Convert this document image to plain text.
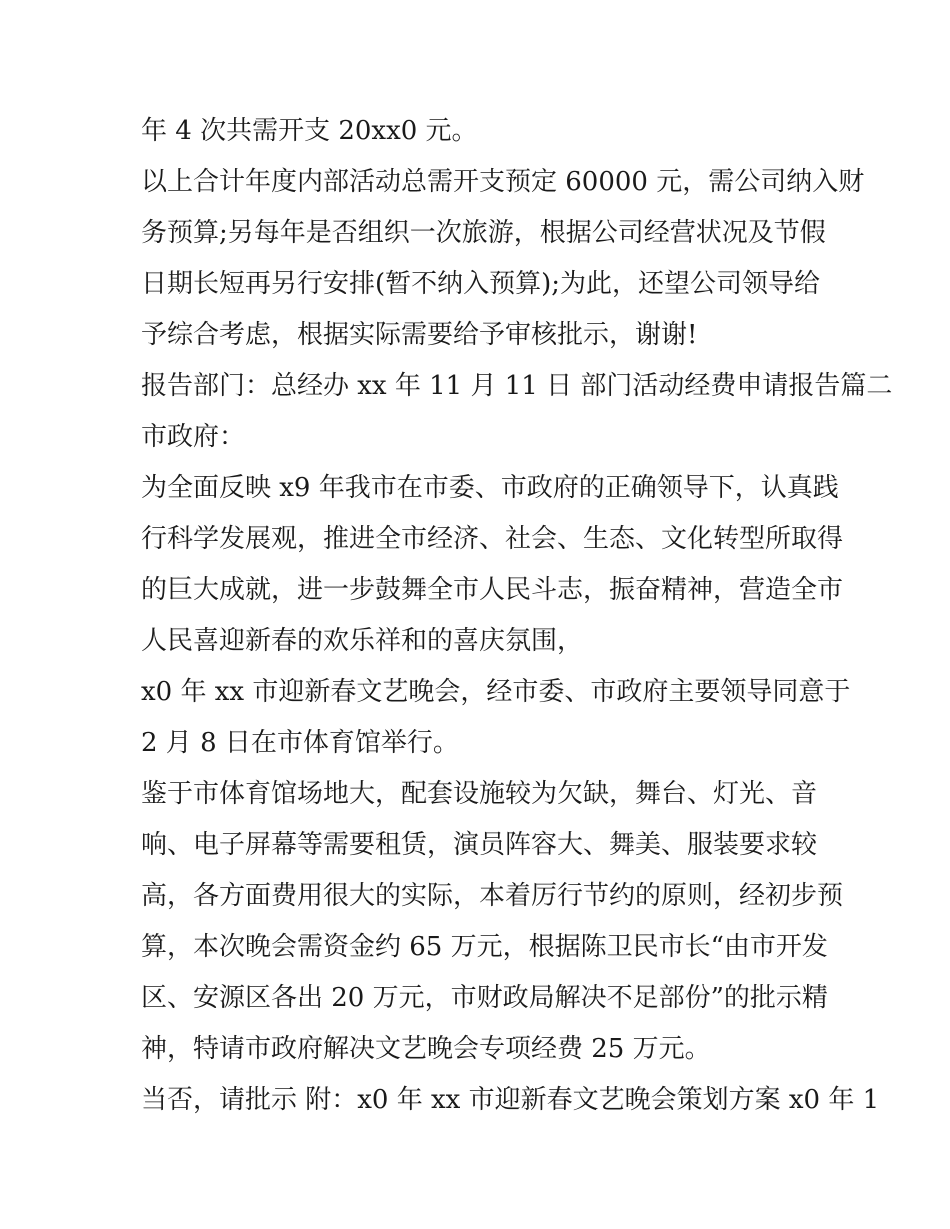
年 4 次共需开支 20xx0 元。
以上合计年度内部活动总需开支预定 60000 元，需公司纳入财
务预算;另每年是否组织一次旅游，根据公司经营状况及节假
日期长短再另行安排(暂不纳入预算);为此，还望公司领导给
予综合考虑，根据实际需要给予审核批示，谢谢!
报告部门：总经办 xx 年 11 月 11 日 部门活动经费申请报告篇二
市政府：
为全面反映 x9 年我市在市委、市政府的正确领导下，认真践
行科学发展观，推进全市经济、社会、生态、文化转型所取得
的巨大成就，进一步鼓舞全市人民斗志，振奋精神，营造全市
人民喜迎新春的欢乐祥和的喜庆氛围，
x0 年 xx 市迎新春文艺晚会，经市委、市政府主要领导同意于
2 月 8 日在市体育馆举行。
鉴于市体育馆场地大，配套设施较为欠缺，舞台、灯光、音
响、电子屏幕等需要租赁，演员阵容大、舞美、服装要求较
高，各方面费用很大的实际，本着厉行节约的原则，经初步预
算，本次晚会需资金约 65 万元，根据陈卫民市长“由市开发
区、安源区各出 20 万元，市财政局解决不足部份”的批示精
神，特请市政府解决文艺晚会专项经费 25 万元。
当否，请批示 附：x0 年 xx 市迎新春文艺晚会策划方案 x0 年 1
